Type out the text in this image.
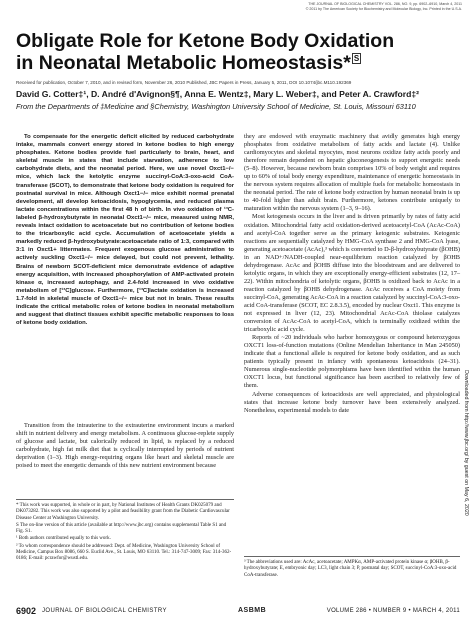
THE JOURNAL OF BIOLOGICAL CHEMISTRY VOL. 286, NO. 9, pp. 6902–6910, March 4, 2011
© 2011 by The American Society for Biochemistry and Molecular Biology, Inc. Printed in the U.S.A.
Obligate Role for Ketone Body Oxidation in Neonatal Metabolic Homeostasis* S
Received for publication, October 7, 2010, and in revised form, November 26, 2010 Published, JBC Papers in Press, January 5, 2011, DOI 10.1074/jbc.M110.192369
David G. Cotter‡¹, D. André d'Avignon§¶, Anna E. Wentz‡, Mary L. Weber‡, and Peter A. Crawford‡²
From the Departments of ‡Medicine and §Chemistry, Washington University School of Medicine, St. Louis, Missouri 63110

To compensate for the energetic deficit elicited by reduced carbohydrate intake, mammals convert energy stored in ketone bodies to high energy phosphates. Ketone bodies provide fuel particularly to brain, heart, and skeletal muscle in states that include starvation, adherence to low carbohydrate diets, and the neonatal period. Here, we use novel Oxct1−/− mice, which lack the ketolytic enzyme succinyl-CoA:3-oxo-acid CoA-transferase (SCOT), to demonstrate that ketone body oxidation is required for postnatal survival in mice. Although Oxct1−/− mice exhibit normal prenatal development, all develop ketoacidosis, hypoglycemia, and reduced plasma lactate concentrations within the first 48 h of birth. In vivo oxidation of ¹³C-labeled β-hydroxybutyrate in neonatal Oxct1−/− mice, measured using NMR, reveals intact oxidation to acetoacetate but no contribution of ketone bodies to the tricarboxylic acid cycle. Accumulation of acetoacetate yields a markedly reduced β-hydroxybutyrate:acetoacetate ratio of 1:3, compared with 3:1 in Oxct1+ littermates. Frequent exogenous glucose administration to actively suckling Oxct1−/− mice delayed, but could not prevent, lethality. Brains of newborn SCOT-deficient mice demonstrate evidence of adaptive energy acquisition, with increased phosphorylation of AMP-activated protein kinase α, increased autophagy, and 2.4-fold increased in vivo oxidative metabolism of [¹³C]glucose. Furthermore, [¹³C]lactate oxidation is increased 1.7-fold in skeletal muscle of Oxct1−/− mice but not in brain. These results indicate the critical metabolic roles of ketone bodies in neonatal metabolism and suggest that distinct tissues exhibit specific metabolic responses to loss of ketone body oxidation.

Transition from the intrauterine to the extrauterine environment incurs a marked shift in nutrient delivery and energy metabolism. A continuous glucose-replete supply of glucose and lactate, but calorically reduced in lipid, is replaced by a reduced carbohydrate, high fat milk diet that is cyclically interrupted by periods of nutrient deprivation (1–3). High energy-requiring organs like heart and skeletal muscle are poised to meet the energetic demands of this new nutrient environment because

* This work was supported, in whole or in part, by National Institutes of Health Grants DK025079 and DK073282. This work was also supported by a pilot and feasibility grant from the Diabetic Cardiovascular Disease Center at Washington University.

S The on-line version of this article (available at http://www.jbc.org) contains supplemental Table S1 and Fig. S1.

¹ Both authors contributed equally to this work.

² To whom correspondence should be addressed: Dept. of Medicine, Washington University School of Medicine, Campus Box 8086, 660 S. Euclid Ave., St. Louis, MO 63110. Tel.: 314-747-3009; Fax: 314-362-0186; E-mail: pcrawfor@wustl.edu.

they are endowed with enzymatic machinery that avidly generates high energy phosphates from oxidative metabolism of fatty acids and lactate (4). Unlike cardiomyocytes and skeletal myocytes, most neurons oxidize fatty acids poorly and therefore remain dependent on hepatic gluconeogenesis to support energetic needs (5–8). However, because newborn brain comprises 10% of body weight and requires up to 60% of total body energy expenditure, maintenance of energetic homeostasis in the nervous system requires allocation of multiple fuels for metabolic homeostasis in the neonatal period. The rate of ketone body extraction by human neonatal brain is up to 40-fold higher than adult brain. Furthermore, ketones contribute uniquely to maturation within the nervous system (1–3, 9–16).

Most ketogenesis occurs in the liver and is driven primarily by rates of fatty acid oxidation. Mitochondrial fatty acid oxidation-derived acetoacetyl-CoA (AcAc-CoA) and acetyl-CoA together serve as the primary ketogenic substrates. Ketogenic reactions are sequentially catalyzed by HMG-CoA synthase 2 and HMG-CoA lyase, generating acetoacetate (AcAc),³ which is converted to D-β-hydroxybutyrate (βOHB) in an NAD+/NADH-coupled near-equilibrium reaction catalyzed by βOHB dehydrogenase. AcAc and βOHB diffuse into the bloodstream and are delivered to ketolytic organs, in which they are exceptionally energy-efficient substrates (12, 17–22). Within mitochondria of ketolytic organs, βOHB is oxidized back to AcAc in a reaction catalyzed by βOHB dehydrogenase. AcAc receives a CoA moiety from succinyl-CoA, generating AcAc-CoA in a reaction catalyzed by succinyl-CoA:3-oxo-acid CoA-transferase (SCOT, EC 2.8.3.5), encoded by nuclear Oxct1. This enzyme is not expressed in liver (12, 23). Mitochondrial AcAc-CoA thiolase catalyzes conversion of AcAc-CoA to acetyl-CoA, which is terminally oxidized within the tricarboxylic acid cycle.

Reports of ~20 individuals who harbor homozygous or compound heterozygous OXCT1 loss-of-function mutations (Online Mendelian Inheritance in Man 245050) indicate that a functional allele is required for ketone body oxidation, and as such patients typically present in infancy with spontaneous ketoacidosis (24–31). Numerous single-nucleotide polymorphisms have been identified within the human OXCT1 locus, but functional significance has been ascribed to relatively few of them.

Adverse consequences of ketoacidosis are well appreciated, and physiological states that increase ketone body turnover have been extensively analyzed. Nonetheless, experimental models to date

³ The abbreviations used are: AcAc, acetoacetate; AMPKα, AMP-activated protein kinase α; βOHB, β-hydroxybutyrate; E, embryonic day; LC3, light chain 3; P, postnatal day; SCOT, succinyl-CoA:3-oxo-acid CoA-transferase.

Downloaded from http://www.jbc.org/ by guest on May 6, 2020
6902 JOURNAL OF BIOLOGICAL CHEMISTRY	ASBMB	VOLUME 286 • NUMBER 9 • MARCH 4, 2011
